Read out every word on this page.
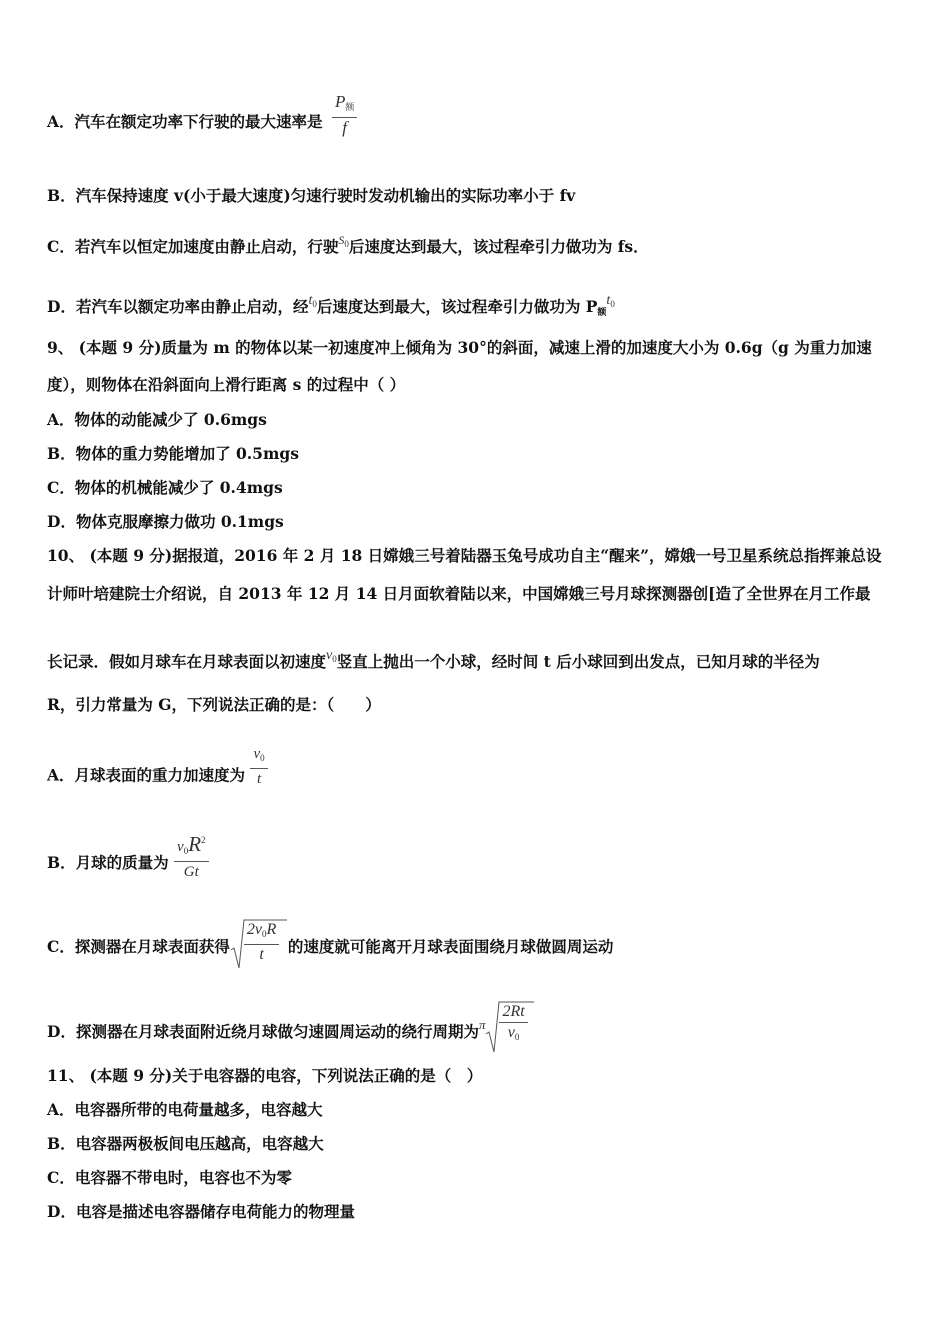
A．汽车在额定功率下行驶的最大速率是 $\frac{P_额}{f}$
B．汽车保持速度 v(小于最大速度)匀速行驶时发动机输出的实际功率小于 fv
C．若汽车以恒定加速度由静止启动，行驶$^{S_0}$后速度达到最大，该过程牵引力做功为 fs．
D．若汽车以额定功率由静止启动，经$t_0$后速度达到最大，该过程牵引力做功为 P额$t_0$
9、 (本题 9 分)质量为 m 的物体以某一初速度冲上倾角为 30°的斜面，减速上滑的加速度大小为 0.6g（g 为重力加速
度），则物体在沿斜面向上滑行距离 s 的过程中（ ）
A．物体的动能减少了 0.6mgs
B．物体的重力势能增加了 0.5mgs
C．物体的机械能减少了 0.4mgs
D．物体克服摩擦力做功 0.1mgs
10、 (本题 9 分)据报道，2016 年 2 月 18 日嫦娥三号着陆器玉兔号成功自主“醒来”，嫦娥一号卫星系统总指挥兼总设
计师叶培建院士介绍说，自 2013 年 12 月 14 日月面软着陆以来，中国嫦娥三号月球探测器创[造了全世界在月工作最
长记录．假如月球车在月球表面以初速度$v_0$竖直上抛出一个小球，经时间 t 后小球回到出发点，已知月球的半径为
R，引力常量为 G，下列说法正确的是：（　　）
A．月球表面的重力加速度为 $\frac{v_0}{t}$
B．月球的质量为 $\frac{v_0R^2}{Gt}$
C．探测器在月球表面获得 $\frac{2v_0R}{t}$ 的速度就可能离开月球表面围绕月球做圆周运动
D．探测器在月球表面附近绕月球做匀速圆周运动的绕行周期为$^\pi \frac{2Rt}{v_0}$
11、 (本题 9 分)关于电容器的电容，下列说法正确的是（　）
A．电容器所带的电荷量越多，电容越大
B．电容器两极板间电压越高，电容越大
C．电容器不带电时，电容也不为零
D．电容是描述电容器储存电荷能力的物理量
